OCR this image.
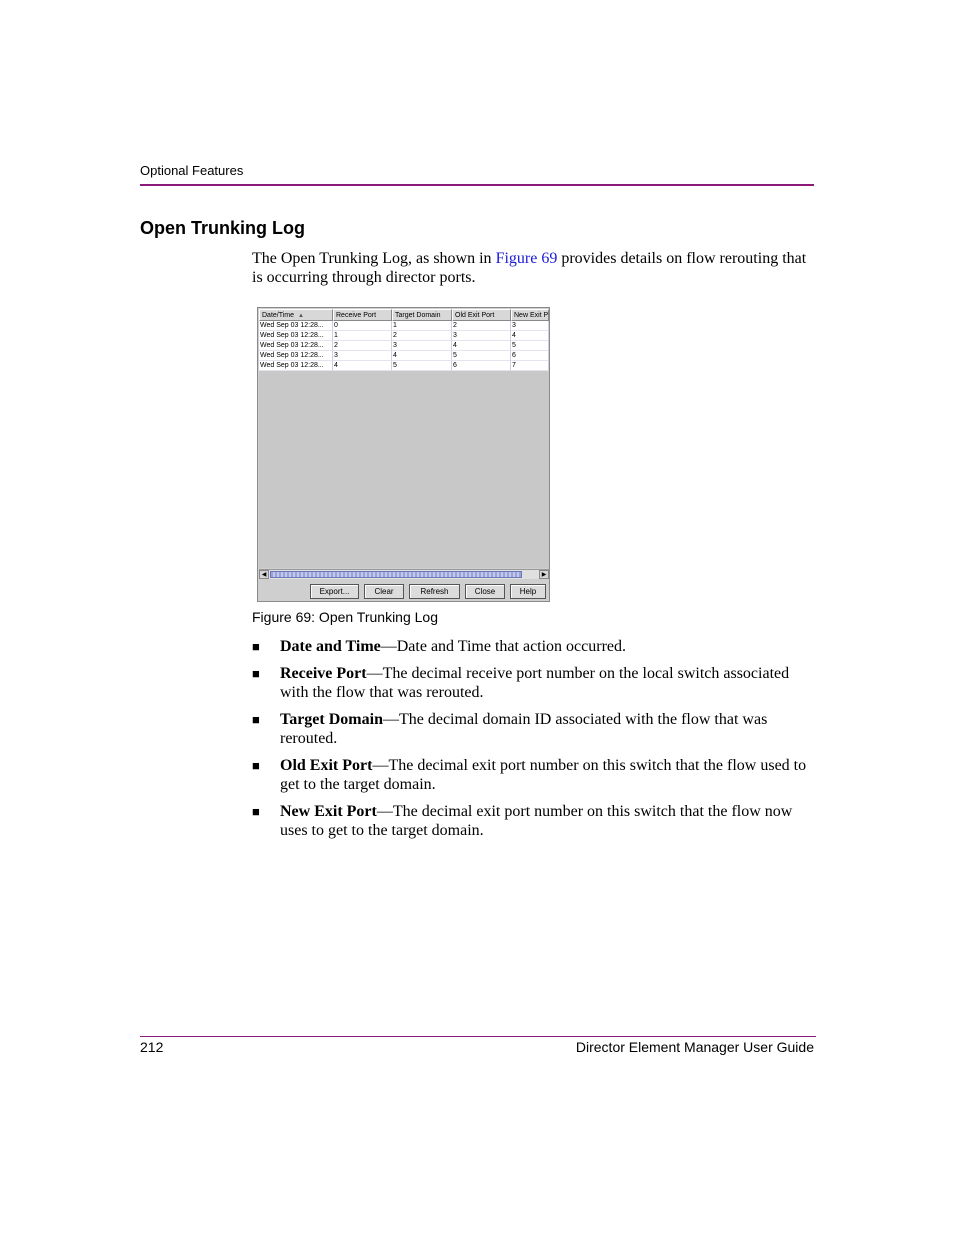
Optional Features
Open Trunking Log

The Open Trunking Log, as shown in Figure 69 provides details on flow rerouting that is occurring through director ports.

Date/Time ▲	Receive Port	Target Domain	Old Exit Port	New Exit P
Wed Sep 03 12:28...	0	1	2	3
Wed Sep 03 12:28...	1	2	3	4
Wed Sep 03 12:28...	2	3	4	5
Wed Sep 03 12:28...	3	4	5	6
Wed Sep 03 12:28...	4	5	6	7
◀	▶
Export...	Clear	Refresh	Close	Help

Figure 69: Open Trunking Log

■ Date and Time—Date and Time that action occurred.
■ Receive Port—The decimal receive port number on the local switch associated with the flow that was rerouted.
■ Target Domain—The decimal domain ID associated with the flow that was rerouted.
■ Old Exit Port—The decimal exit port number on this switch that the flow used to get to the target domain.
■ New Exit Port—The decimal exit port number on this switch that the flow now uses to get to the target domain.
212	Director Element Manager User Guide
